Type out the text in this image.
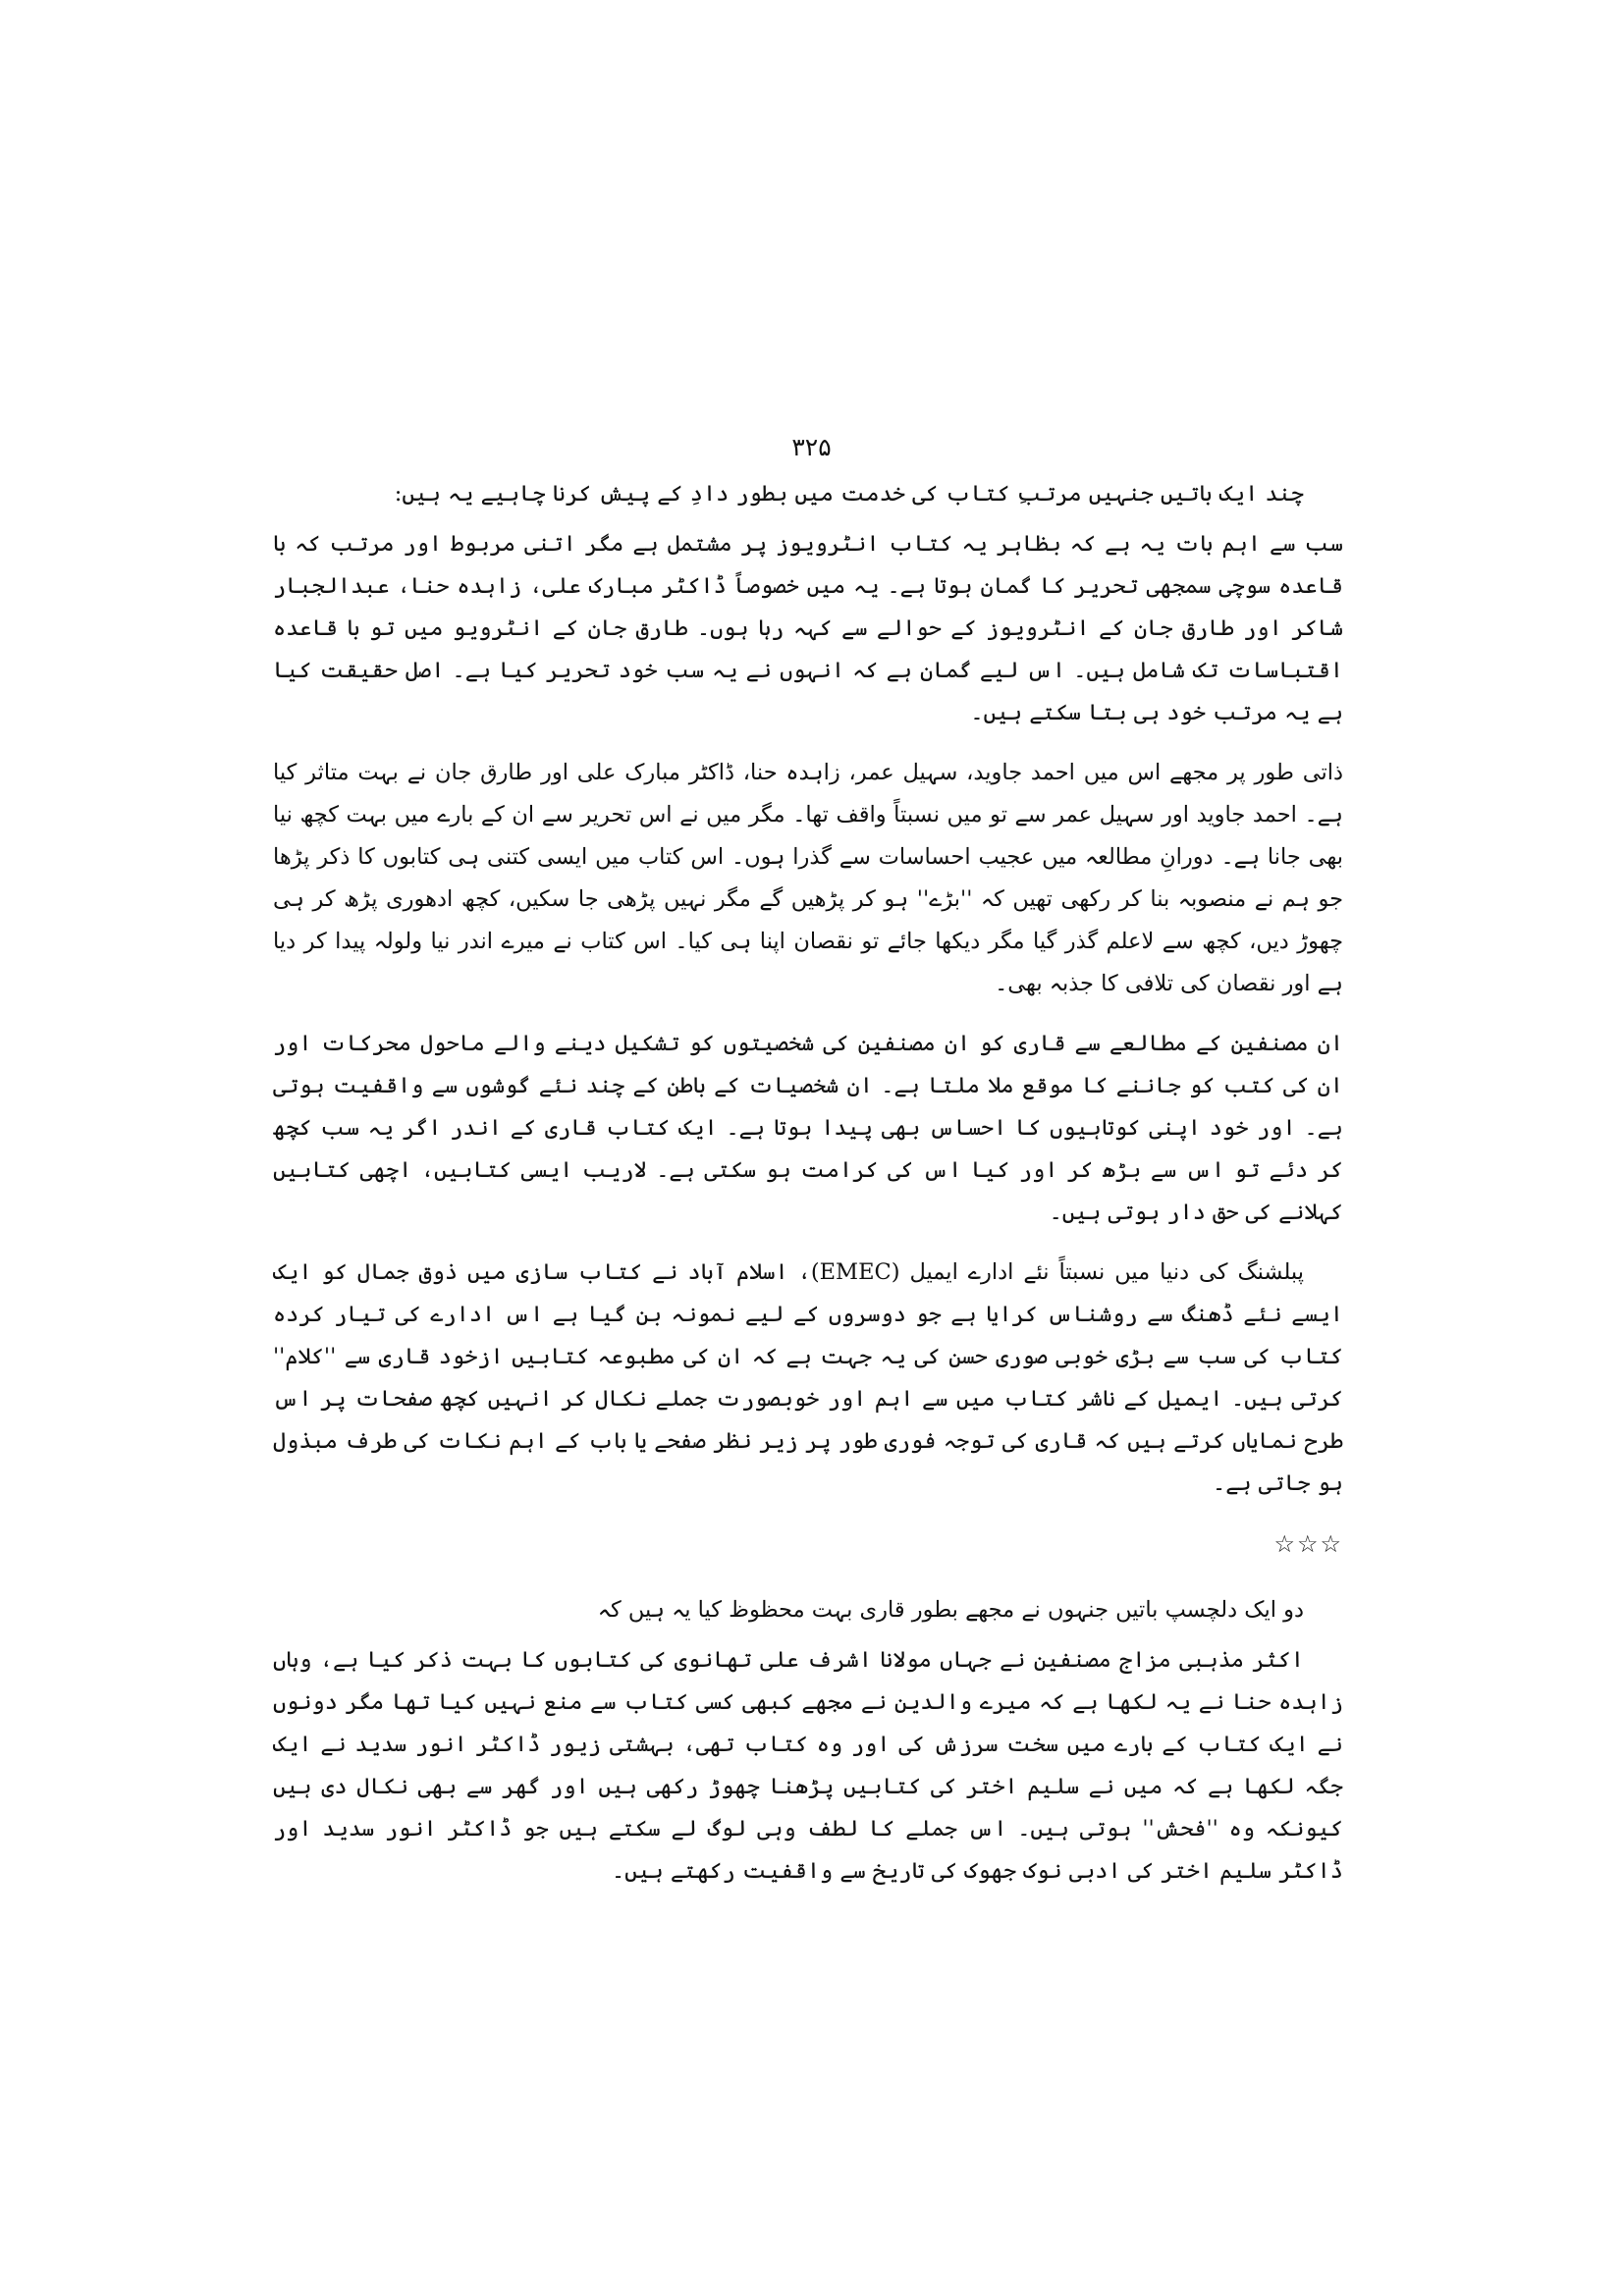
۳۲۵

چند ایک باتیں جنہیں مرتبِ کتاب کی خدمت میں بطور دادِ کے پیش کرنا چاہیے یہ ہیں:

سب سے اہم بات یہ ہے کہ بظاہر یہ کتاب انٹرویوز پر مشتمل ہے مگر اتنی مربوط اور مرتب کہ با قاعدہ سوچی سمجھی تحریر کا گمان ہوتا ہے۔ یہ میں خصوصاً ڈاکٹر مبارک علی، زاہدہ حنا، عبدالجبار شاکر اور طارق جان کے انٹرویوز کے حوالے سے کہہ رہا ہوں۔ طارق جان کے انٹرویو میں تو با قاعدہ اقتباسات تک شامل ہیں۔ اس لیے گمان ہے کہ انہوں نے یہ سب خود تحریر کیا ہے۔ اصل حقیقت کیا ہے یہ مرتب خود ہی بتا سکتے ہیں۔

ذاتی طور پر مجھے اس میں احمد جاوید، سہیل عمر، زاہدہ حنا، ڈاکٹر مبارک علی اور طارق جان نے بہت متاثر کیا ہے۔ احمد جاوید اور سہیل عمر سے تو میں نسبتاً واقف تھا۔ مگر میں نے اس تحریر سے ان کے بارے میں بہت کچھ نیا بھی جانا ہے۔ دورانِ مطالعہ میں عجیب احساسات سے گذرا ہوں۔ اس کتاب میں ایسی کتنی ہی کتابوں کا ذکر پڑھا جو ہم نے منصوبہ بنا کر رکھی تھیں کہ ''بڑے'' ہو کر پڑھیں گے مگر نہیں پڑھی جا سکیں، کچھ ادھوری پڑھ کر ہی چھوڑ دیں، کچھ سے لاعلم گذر گیا مگر دیکھا جائے تو نقصان اپنا ہی کیا۔ اس کتاب نے میرے اندر نیا ولولہ پیدا کر دیا ہے اور نقصان کی تلافی کا جذبہ بھی۔

ان مصنفین کے مطالعے سے قاری کو ان مصنفین کی شخصیتوں کو تشکیل دینے والے ماحول محرکات اور ان کی کتب کو جاننے کا موقع ملا ملتا ہے۔ ان شخصیات کے باطن کے چند نئے گوشوں سے واقفیت ہوتی ہے۔ اور خود اپنی کوتاہیوں کا احساس بھی پیدا ہوتا ہے۔ ایک کتاب قاری کے اندر اگر یہ سب کچھ کر دئے تو اس سے بڑھ کر اور کیا اس کی کرامت ہو سکتی ہے۔ لاریب ایسی کتابیں، اچھی کتابیں کہلانے کی حق دار ہوتی ہیں۔

پبلشنگ کی دنیا میں نسبتاً نئے ادارے ایمیل (EMEC)، اسلام آباد نے کتاب سازی میں ذوق جمال کو ایک ایسے نئے ڈھنگ سے روشناس کرایا ہے جو دوسروں کے لیے نمونہ بن گیا ہے اس ادارے کی تیار کردہ کتاب کی سب سے بڑی خوبی صوری حسن کی یہ جہت ہے کہ ان کی مطبوعہ کتابیں ازخود قاری سے ''کلام'' کرتی ہیں۔ ایمیل کے ناشر کتاب میں سے اہم اور خوبصورت جملے نکال کر انہیں کچھ صفحات پر اس طرح نمایاں کرتے ہیں کہ قاری کی توجہ فوری طور پر زیر نظر صفحے یا باب کے اہم نکات کی طرف مبذول ہو جاتی ہے۔

☆☆☆

دو ایک دلچسپ باتیں جنہوں نے مجھے بطور قاری بہت محظوظ کیا یہ ہیں کہ

اکثر مذہبی مزاج مصنفین نے جہاں مولانا اشرف علی تھانوی کی کتابوں کا بہت ذکر کیا ہے، وہاں زاہدہ حنا نے یہ لکھا ہے کہ میرے والدین نے مجھے کبھی کسی کتاب سے منع نہیں کیا تھا مگر دونوں نے ایک کتاب کے بارے میں سخت سرزش کی اور وہ کتاب تھی، بہشتی زیور ڈاکٹر انور سدید نے ایک جگہ لکھا ہے کہ میں نے سلیم اختر کی کتابیں پڑھنا چھوڑ رکھی ہیں اور گھر سے بھی نکال دی ہیں کیونکہ وہ ''فحش'' ہوتی ہیں۔ اس جملے کا لطف وہی لوگ لے سکتے ہیں جو ڈاکٹر انور سدید اور ڈاکٹر سلیم اختر کی ادبی نوک جھوک کی تاریخ سے واقفیت رکھتے ہیں۔
